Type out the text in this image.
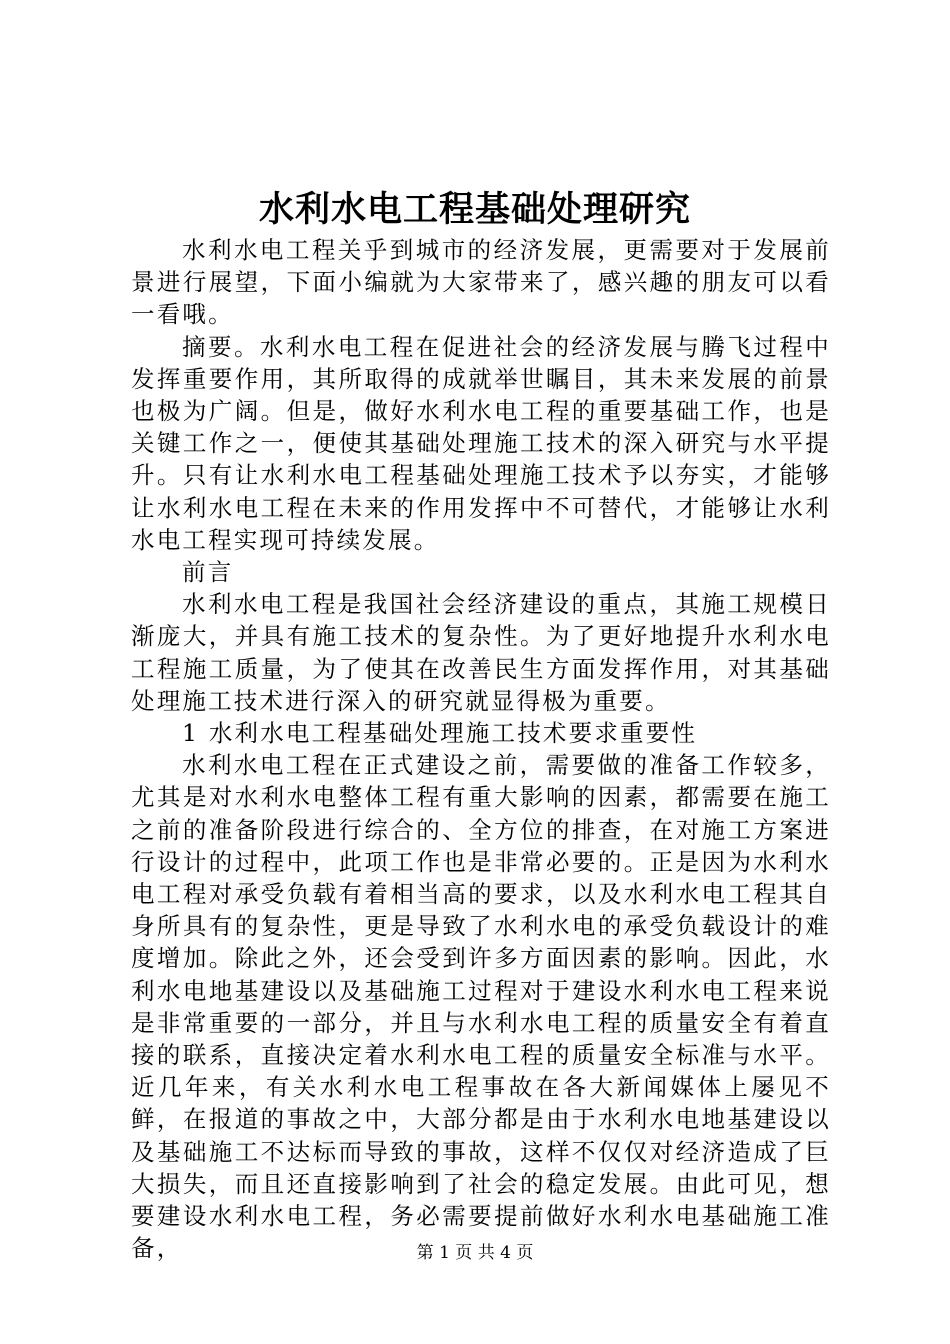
水利水电工程基础处理研究

水利水电工程关乎到城市的经济发展，更需要对于发展前景进行展望，下面小编就为大家带来了，感兴趣的朋友可以看一看哦。

摘要。水利水电工程在促进社会的经济发展与腾飞过程中发挥重要作用，其所取得的成就举世瞩目，其未来发展的前景也极为广阔。但是，做好水利水电工程的重要基础工作，也是关键工作之一，便使其基础处理施工技术的深入研究与水平提升。只有让水利水电工程基础处理施工技术予以夯实，才能够让水利水电工程在未来的作用发挥中不可替代，才能够让水利水电工程实现可持续发展。

前言

水利水电工程是我国社会经济建设的重点，其施工规模日渐庞大，并具有施工技术的复杂性。为了更好地提升水利水电工程施工质量，为了使其在改善民生方面发挥作用，对其基础处理施工技术进行深入的研究就显得极为重要。

1 水利水电工程基础处理施工技术要求重要性

水利水电工程在正式建设之前，需要做的准备工作较多，尤其是对水利水电整体工程有重大影响的因素，都需要在施工之前的准备阶段进行综合的、全方位的排查，在对施工方案进行设计的过程中，此项工作也是非常必要的。正是因为水利水电工程对承受负载有着相当高的要求，以及水利水电工程其自身所具有的复杂性，更是导致了水利水电的承受负载设计的难度增加。除此之外，还会受到许多方面因素的影响。因此，水利水电地基建设以及基础施工过程对于建设水利水电工程来说是非常重要的一部分，并且与水利水电工程的质量安全有着直接的联系，直接决定着水利水电工程的质量安全标准与水平。近几年来，有关水利水电工程事故在各大新闻媒体上屡见不鲜，在报道的事故之中，大部分都是由于水利水电地基建设以及基础施工不达标而导致的事故，这样不仅仅对经济造成了巨大损失，而且还直接影响到了社会的稳定发展。由此可见，想要建设水利水电工程，务必需要提前做好水利水电基础施工准备，	第 1 页 共 4 页
